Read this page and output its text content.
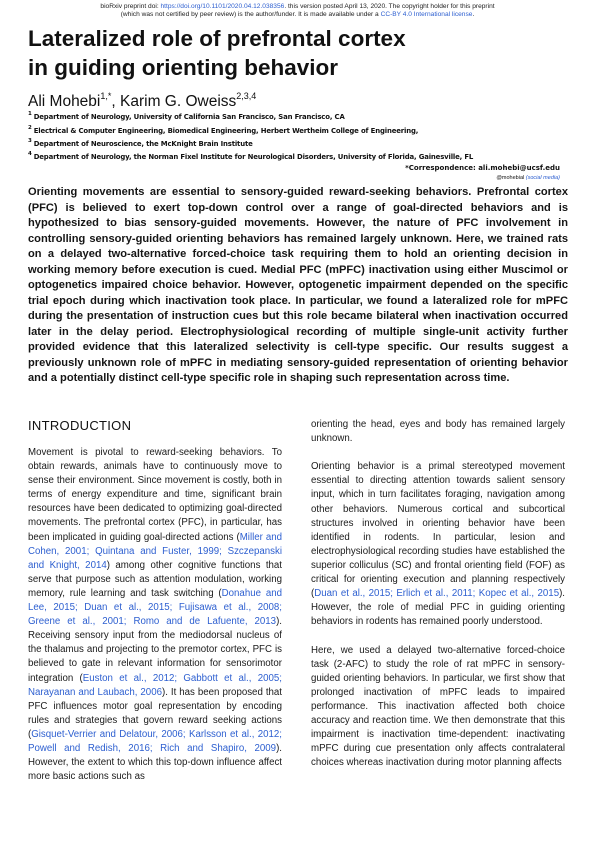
bioRxiv preprint doi: https://doi.org/10.1101/2020.04.12.038356. this version posted April 13, 2020. The copyright holder for this preprint
(which was not certified by peer review) is the author/funder. It is made available under a CC-BY 4.0 International license.
Lateralized role of prefrontal cortex
in guiding orienting behavior
Ali Mohebi$^{1,*}$, Karim G. Oweiss$^{2,3,4}$
$^1$ Department of Neurology, University of California San Francisco, San Francisco, CA
$^2$ Electrical & Computer Engineering, Biomedical Engineering, Herbert Wertheim College of Engineering,
$^3$ Department of Neuroscience, the McKnight Brain Institute
$^4$ Department of Neurology, the Norman Fixel Institute for Neurological Disorders, University of Florida, Gainesville, FL
*Correspondence: ali.mohebi@ucsf.edu
@mohebial (social media)
Orienting movements are essential to sensory-guided reward-seeking behaviors. Prefrontal cortex (PFC) is believed to exert top-down control over a range of goal-directed behaviors and is hypothesized to bias sensory-guided movements. However, the nature of PFC involvement in controlling sensory-guided orienting behaviors has remained largely unknown. Here, we trained rats on a delayed two-alternative forced-choice task requiring them to hold an orienting decision in working memory before execution is cued. Medial PFC (mPFC) inactivation using either Muscimol or optogenetics impaired choice behavior. However, optogenetic impairment depended on the specific trial epoch during which inactivation took place. In particular, we found a lateralized role for mPFC during the presentation of instruction cues but this role became bilateral when inactivation occurred later in the delay period. Electrophysiological recording of multiple single-unit activity further provided evidence that this lateralized selectivity is cell-type specific. Our results suggest a previously unknown role of mPFC in mediating sensory-guided representation of orienting behavior and a potentially distinct cell-type specific role in shaping such representation across time.
INTRODUCTION

Movement is pivotal to reward-seeking behaviors. To obtain rewards, animals have to continuously move to sense their environment. Since movement is costly, both in terms of energy expenditure and time, significant brain resources have been dedicated to optimizing goal-directed movements. The prefrontal cortex (PFC), in particular, has been implicated in guiding goal-directed actions (Miller and Cohen, 2001; Quintana and Fuster, 1999; Szczepanski and Knight, 2014) among other cognitive functions that serve that purpose such as attention modulation, working memory, rule learning and task switching (Donahue and Lee, 2015; Duan et al., 2015; Fujisawa et al., 2008; Greene et al., 2001; Romo and de Lafuente, 2013). Receiving sensory input from the mediodorsal nucleus of the thalamus and projecting to the premotor cortex, PFC is believed to gate in relevant information for sensorimotor integration (Euston et al., 2012; Gabbott et al., 2005; Narayanan and Laubach, 2006). It has been proposed that PFC influences motor goal representation by encoding rules and strategies that govern reward seeking actions (Gisquet-Verrier and Delatour, 2006; Karlsson et al., 2012; Powell and Redish, 2016; Rich and Shapiro, 2009). However, the extent to which this top-down influence affect more basic actions such as

orienting the head, eyes and body has remained largely unknown.

Orienting behavior is a primal stereotyped movement essential to directing attention towards salient sensory input, which in turn facilitates foraging, navigation among other behaviors. Numerous cortical and subcortical structures involved in orienting behavior have been identified in rodents. In particular, lesion and electrophysiological recording studies have established the superior colliculus (SC) and frontal orienting field (FOF) as critical for orienting execution and planning respectively (Duan et al., 2015; Erlich et al., 2011; Kopec et al., 2015). However, the role of medial PFC in guiding orienting behaviors in rodents has remained poorly understood.

Here, we used a delayed two-alternative forced-choice task (2-AFC) to study the role of rat mPFC in sensory-guided orienting behaviors. In particular, we first show that prolonged inactivation of mPFC leads to impaired performance. This inactivation affected both choice accuracy and reaction time. We then demonstrate that this impairment is inactivation time-dependent: inactivating mPFC during cue presentation only affects contralateral choices whereas inactivation during motor planning affects
